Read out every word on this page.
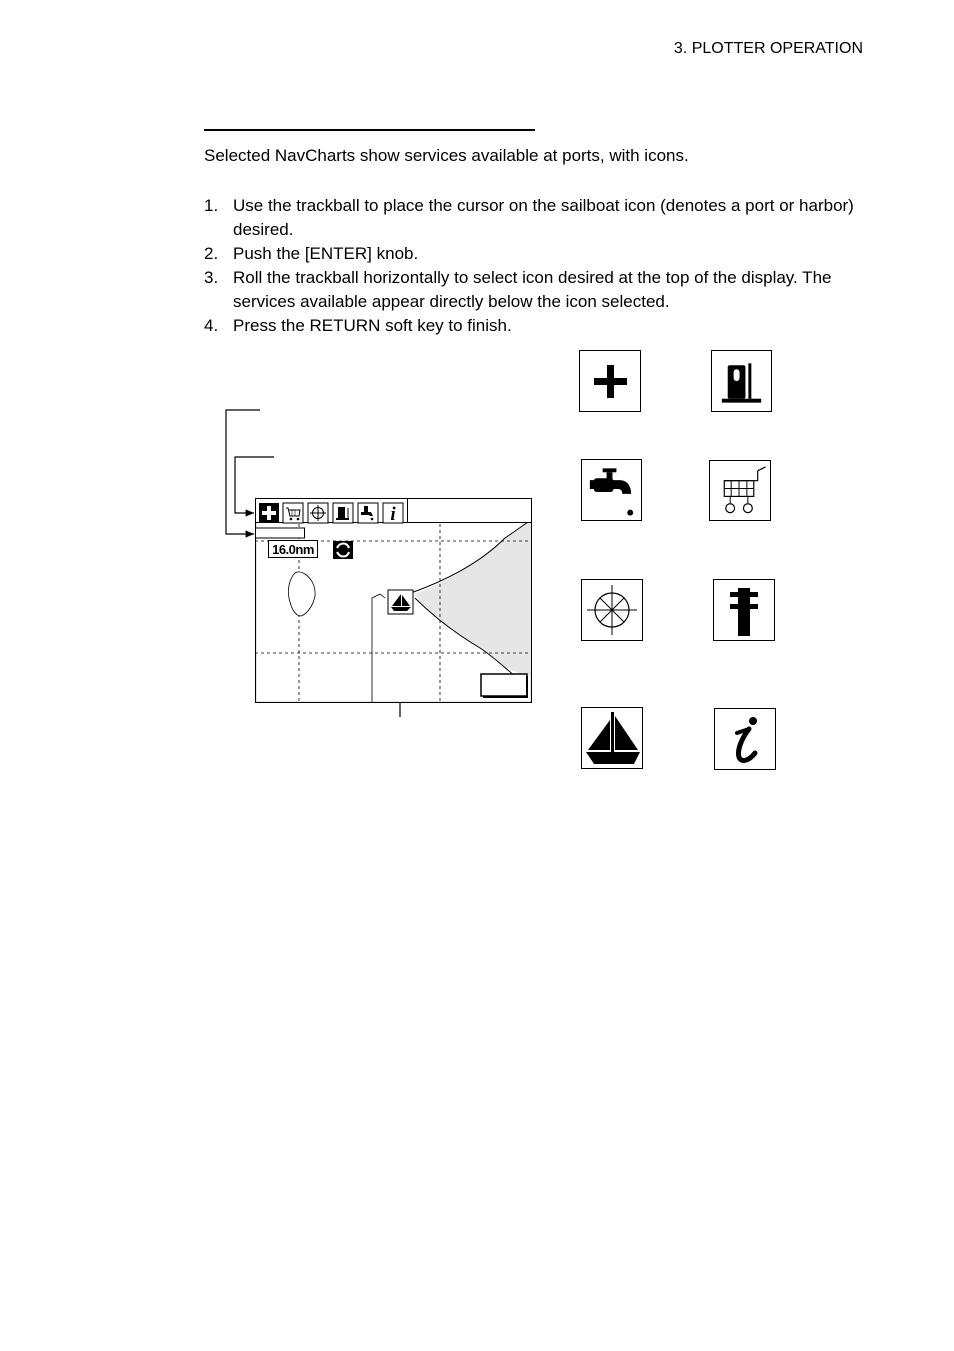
3. PLOTTER OPERATION
Selected NavCharts show services available at ports, with icons.
1. Use the trackball to place the cursor on the sailboat icon (denotes a port or harbor) desired.
2. Push the [ENTER] knob.
3. Roll the trackball horizontally to select icon desired at the top of the display. The services available appear directly below the icon selected.
4. Press the RETURN soft key to finish.
i
16.0nm
